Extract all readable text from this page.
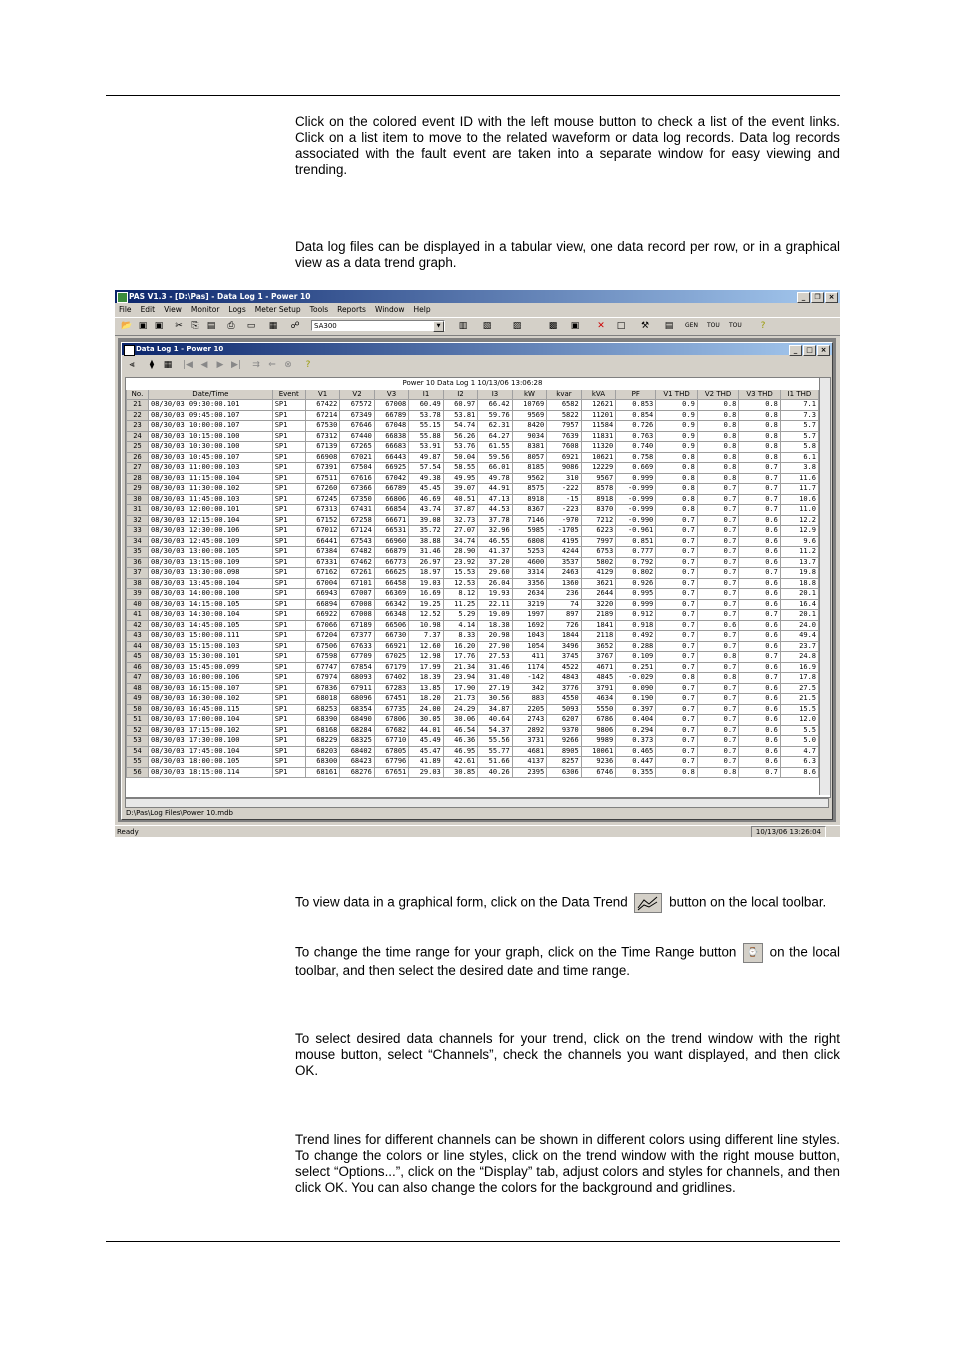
Click on the colored event ID with the left mouse button to check a list of the event links. Click on a list item to move to the related waveform or data log records. Data log records associated with the fault event are taken into a separate window for easy viewing and trending.
Data log files can be displayed in a tabular view, one data record per row, or in a graphical view as a data trend graph.
PAS V1.3 - [D:\Pas] - Data Log 1 - Power 10	_	❐	×
File Edit View Monitor Logs Meter Setup Tools Reports Window Help
📂 ▣ ▣ ✂ ⎘ ▤ ⎙ ▭ ▦ ☍	SA300	▼	▥ ▧ ▨	▩ ▣ ✕ □ ⚒ ▤ GEN TOU TOU	?
Data Log 1 - Power 10	_	□	×
⫷	⧫	▦ |◀ ◀ ▶ ▶| ⇉ ⇐ ⊗	?
Power 10 Data Log 1 10/13/06 13:06:28																
No.	Date/Time	Event	V1	V2	V3	I1	I2	I3	kW	kvar	kVA	PF	V1 THD	V2 THD	V3 THD	I1 THD
21	08/30/03 09:30:00.101	SP1	67422	67572	67008	60.49	60.97	66.42	10769	6582	12621	0.853	0.9	0.8	0.8	7.1
22	08/30/03 09:45:00.107	SP1	67214	67349	66789	53.78	53.81	59.76	9569	5822	11201	0.854	0.9	0.8	0.8	7.3
23	08/30/03 10:00:00.107	SP1	67530	67646	67048	55.15	54.74	62.31	8420	7957	11584	0.726	0.9	0.8	0.8	5.7
24	08/30/03 10:15:00.100	SP1	67312	67440	66838	55.88	56.26	64.27	9034	7639	11831	0.763	0.9	0.8	0.8	5.7
25	08/30/03 10:30:00.100	SP1	67139	67265	66683	53.91	53.76	61.55	8381	7608	11320	0.740	0.9	0.8	0.8	5.8
26	08/30/03 10:45:00.107	SP1	66908	67021	66443	49.87	50.04	59.56	8057	6921	10621	0.758	0.8	0.8	0.8	6.1
27	08/30/03 11:00:00.103	SP1	67391	67504	66925	57.54	58.55	66.01	8185	9086	12229	0.669	0.8	0.8	0.7	3.8
28	08/30/03 11:15:00.104	SP1	67511	67616	67042	49.38	49.95	49.78	9562	310	9567	0.999	0.8	0.8	0.7	11.6
29	08/30/03 11:30:00.102	SP1	67260	67366	66789	45.45	39.07	44.91	8575	-222	8578	-0.999	0.8	0.7	0.7	11.7
30	08/30/03 11:45:00.103	SP1	67245	67350	66806	46.69	40.51	47.13	8918	-15	8918	-0.999	0.8	0.7	0.7	10.6
31	08/30/03 12:00:00.101	SP1	67313	67431	66854	43.74	37.87	44.53	8367	-223	8370	-0.999	0.8	0.7	0.7	11.0
32	08/30/03 12:15:00.104	SP1	67152	67258	66671	39.08	32.73	37.78	7146	-970	7212	-0.990	0.7	0.7	0.6	12.2
33	08/30/03 12:30:00.106	SP1	67012	67124	66531	35.72	27.07	32.96	5985	-1705	6223	-0.961	0.7	0.7	0.6	12.9
34	08/30/03 12:45:00.109	SP1	66441	67543	66960	38.88	34.74	46.55	6808	4195	7997	0.851	0.7	0.7	0.6	9.6
35	08/30/03 13:00:00.105	SP1	67384	67482	66879	31.46	28.90	41.37	5253	4244	6753	0.777	0.7	0.7	0.6	11.2
36	08/30/03 13:15:00.109	SP1	67331	67462	66773	26.97	23.92	37.20	4600	3537	5802	0.792	0.7	0.7	0.6	13.7
37	08/30/03 13:30:00.098	SP1	67162	67261	66625	18.97	15.53	29.60	3314	2463	4129	0.802	0.7	0.7	0.7	19.8
38	08/30/03 13:45:00.104	SP1	67004	67101	66458	19.03	12.53	26.04	3356	1360	3621	0.926	0.7	0.7	0.6	18.8
39	08/30/03 14:00:00.100	SP1	66943	67007	66369	16.69	8.12	19.93	2634	236	2644	0.995	0.7	0.7	0.6	20.1
40	08/30/03 14:15:00.105	SP1	66894	67008	66342	19.25	11.25	22.11	3219	74	3220	0.999	0.7	0.7	0.6	16.4
41	08/30/03 14:30:00.104	SP1	66922	67008	66348	12.52	5.29	19.09	1997	897	2189	0.912	0.7	0.7	0.7	20.1
42	08/30/03 14:45:00.105	SP1	67066	67189	66506	10.98	4.14	18.38	1692	726	1841	0.918	0.7	0.6	0.6	24.0
43	08/30/03 15:00:00.111	SP1	67204	67377	66730	7.37	8.33	20.98	1043	1844	2118	0.492	0.7	0.7	0.6	49.4
44	08/30/03 15:15:00.103	SP1	67506	67633	66921	12.60	16.20	27.90	1054	3496	3652	0.288	0.7	0.7	0.6	23.7
45	08/30/03 15:30:00.101	SP1	67598	67709	67025	12.98	17.76	27.53	411	3745	3767	0.109	0.7	0.8	0.7	24.8
46	08/30/03 15:45:00.099	SP1	67747	67854	67179	17.99	21.34	31.46	1174	4522	4671	0.251	0.7	0.7	0.6	16.9
47	08/30/03 16:00:00.106	SP1	67974	68093	67402	18.39	23.94	31.40	-142	4843	4845	-0.029	0.8	0.8	0.7	17.8
48	08/30/03 16:15:00.107	SP1	67836	67911	67283	13.85	17.90	27.19	342	3776	3791	0.090	0.7	0.7	0.6	27.5
49	08/30/03 16:30:00.102	SP1	68018	68096	67451	18.20	21.73	30.56	883	4550	4634	0.190	0.7	0.7	0.6	21.5
50	08/30/03 16:45:00.115	SP1	68253	68354	67735	24.00	24.29	34.87	2205	5093	5550	0.397	0.7	0.7	0.6	15.5
51	08/30/03 17:00:00.104	SP1	68390	68490	67806	30.05	30.06	40.64	2743	6207	6786	0.404	0.7	0.7	0.6	12.0
52	08/30/03 17:15:00.102	SP1	68168	68284	67682	44.01	46.54	54.37	2892	9370	9806	0.294	0.7	0.7	0.6	5.5
53	08/30/03 17:30:00.100	SP1	68229	68325	67710	45.49	46.36	55.56	3731	9266	9989	0.373	0.7	0.7	0.6	5.0
54	08/30/03 17:45:00.104	SP1	68203	68402	67805	45.47	46.95	55.77	4681	8905	10061	0.465	0.7	0.7	0.6	4.7
55	08/30/03 18:00:00.105	SP1	68300	68423	67796	41.89	42.61	51.66	4137	8257	9236	0.447	0.7	0.7	0.6	6.3
56	08/30/03 18:15:00.114	SP1	68161	68276	67651	29.03	30.85	40.26	2395	6306	6746	0.355	0.8	0.8	0.7	8.6
D:\Pas\Log Files\Power 10.mdb
Ready	10/13/06 13:26:04
To view data in a graphical form, click on the Data Trend	button on the local toolbar.
To change the time range for your graph, click on the Time Range button ⌚ on the local toolbar, and then select the desired date and time range.
To select desired data channels for your trend, click on the trend window with the right mouse button, select “Channels”, check the channels you want displayed, and then click OK.
Trend lines for different channels can be shown in different colors using different line styles. To change the colors or line styles, click on the trend window with the right mouse button, select “Options...”, click on the “Display” tab, adjust colors and styles for channels, and then click OK. You can also change the colors for the background and gridlines.
